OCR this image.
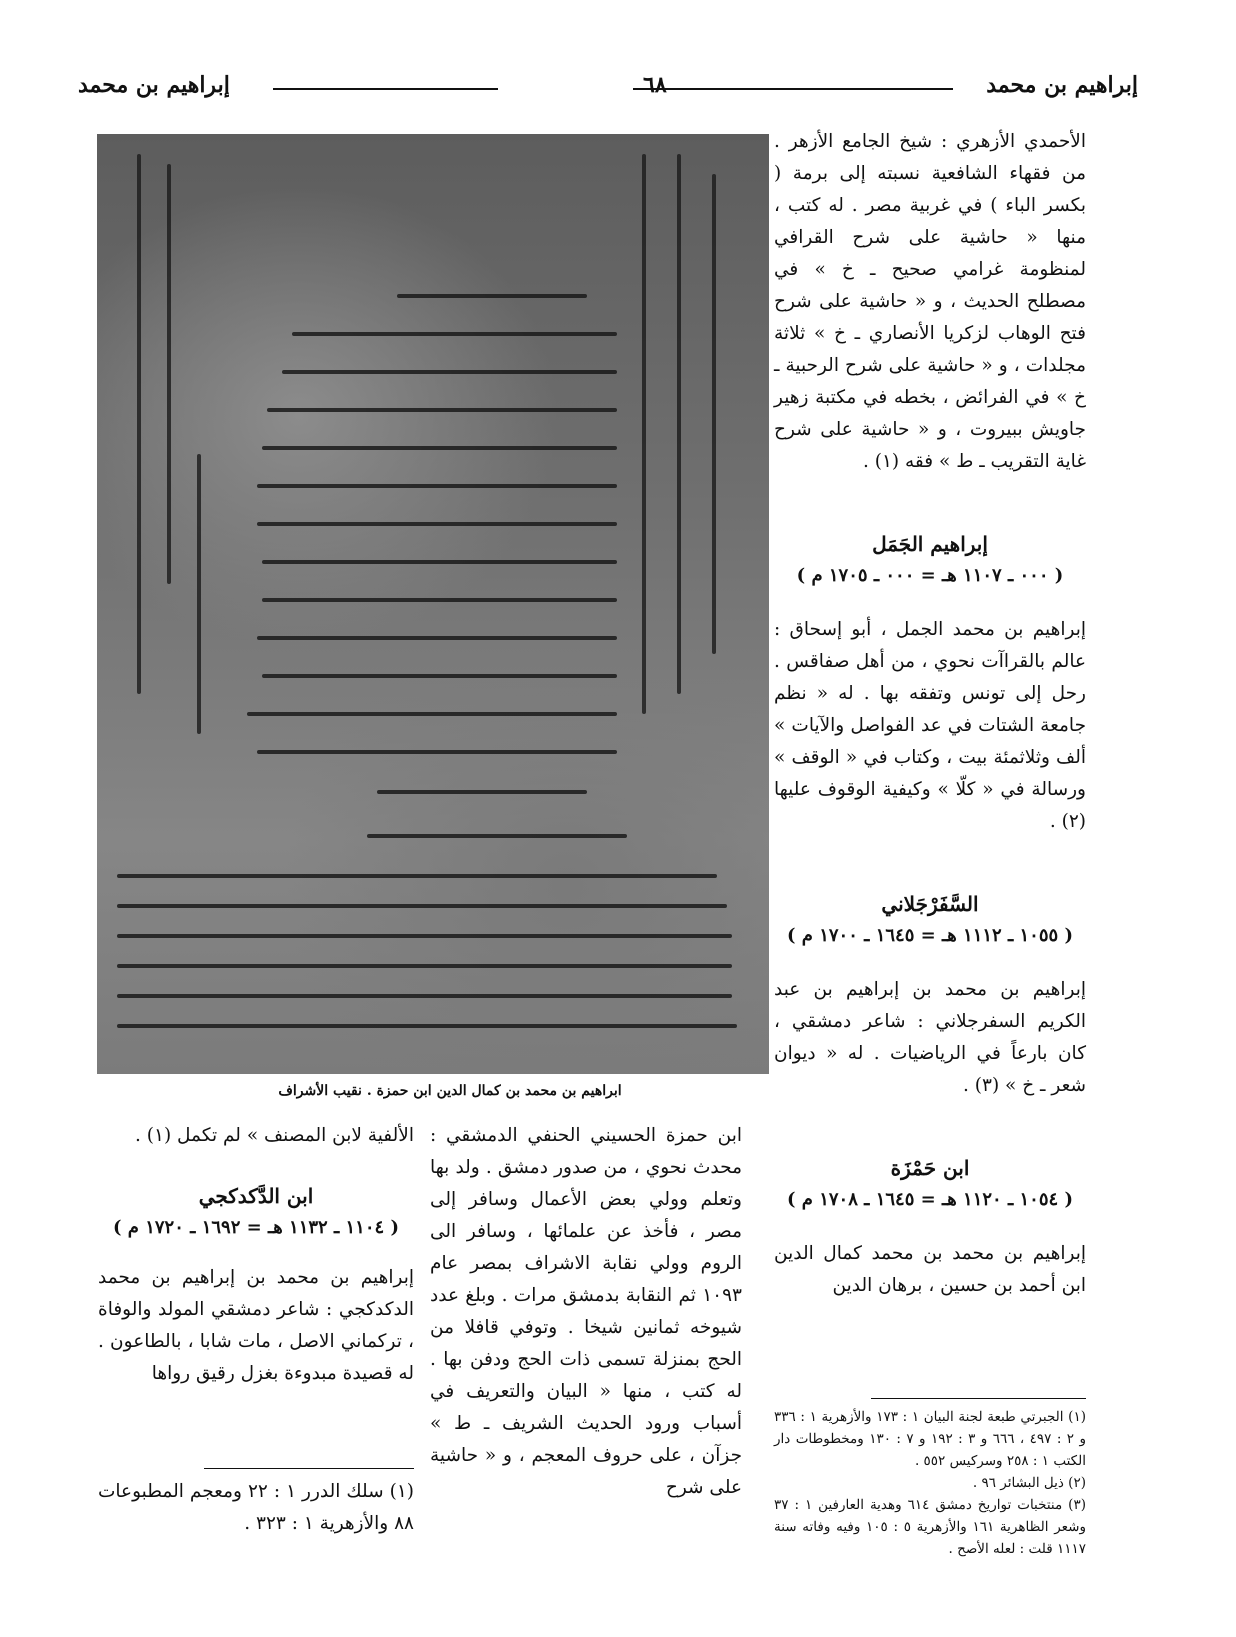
إبراهيم بن محمد
٦٨
إبراهيم بن محمد
ابراهيم بن محمد بن كمال الدين ابن حمزة . نقيب الأشراف

الأحمدي الأزهري : شيخ الجامع الأزهر . من فقهاء الشافعية نسبته إلى برمة ( بكسر الباء ) في غربية مصر . له كتب ، منها « حاشية على شرح القرافي لمنظومة غرامي صحيح ـ خ » في مصطلح الحديث ، و « حاشية على شرح فتح الوهاب لزكريا الأنصاري ـ خ » ثلاثة مجلدات ، و « حاشية على شرح الرحبية ـ خ » في الفرائض ، بخطه في مكتبة زهير جاويش ببيروت ، و « حاشية على شرح غاية التقريب ـ ط » فقه (١) .

إبراهيم الجَمَل

( ٠٠٠ ـ ١١٠٧ هـ = ٠٠٠ ـ ١٧٠٥ م )

إبراهيم بن محمد الجمل ، أبو إسحاق : عالم بالقراآت نحوي ، من أهل صفاقس . رحل إلى تونس وتفقه بها . له « نظم جامعة الشتات في عد الفواصل والآيات » ألف وثلاثمئة بيت ، وكتاب في « الوقف » ورسالة في « كلّا » وكيفية الوقوف عليها (٢) .

السَّفَرْجَلاني

( ١٠٥٥ ـ ١١١٢ هـ = ١٦٤٥ ـ ١٧٠٠ م )

إبراهيم بن محمد بن إبراهيم بن عبد الكريم السفرجلاني : شاعر دمشقي ، كان بارعاً في الرياضيات . له « ديوان شعر ـ خ » (٣) .

ابن حَمْزَة

( ١٠٥٤ ـ ١١٢٠ هـ = ١٦٤٥ ـ ١٧٠٨ م )

إبراهيم بن محمد بن محمد كمال الدين ابن أحمد بن حسين ، برهان الدين

(١) الجبرتي طبعة لجنة البيان ١ : ١٧٣ والأزهرية ١ : ٣٣٦ و ٢ : ٤٩٧ ، ٦٦٦ و ٣ : ١٩٢ و ٧ : ١٣٠ ومخطوطات دار الكتب ١ : ٢٥٨ وسركيس ٥٥٢ .

(٢) ذيل البشائر ٩٦ .

(٣) منتخبات تواريخ دمشق ٦١٤ وهدية العارفين ١ : ٣٧ وشعر الظاهرية ١٦١ والأزهرية ٥ : ١٠٥ وفيه وفاته سنة ١١١٧ قلت : لعله الأصح .

ابن حمزة الحسيني الحنفي الدمشقي : محدث نحوي ، من صدور دمشق . ولد بها وتعلم وولي بعض الأعمال وسافر إلى مصر ، فأخذ عن علمائها ، وسافر الى الروم وولي نقابة الاشراف بمصر عام ١٠٩٣ ثم النقابة بدمشق مرات . وبلغ عدد شيوخه ثمانين شيخا . وتوفي قافلا من الحج بمنزلة تسمى ذات الحج ودفن بها . له كتب ، منها « البيان والتعريف في أسباب ورود الحديث الشريف ـ ط » جزآن ، على حروف المعجم ، و « حاشية على شرح

الألفية لابن المصنف » لم تكمل (١) .

ابن الدَّكدكجي

( ١١٠٤ ـ ١١٣٢ هـ = ١٦٩٢ ـ ١٧٢٠ م )

إبراهيم بن محمد بن إبراهيم بن محمد الدكدكجي : شاعر دمشقي المولد والوفاة ، تركماني الاصل ، مات شابا ، بالطاعون . له قصيدة مبدوءة بغزل رقيق رواها

(١) سلك الدرر ١ : ٢٢ ومعجم المطبوعات ٨٨ والأزهرية ١ : ٣٢٣ .
